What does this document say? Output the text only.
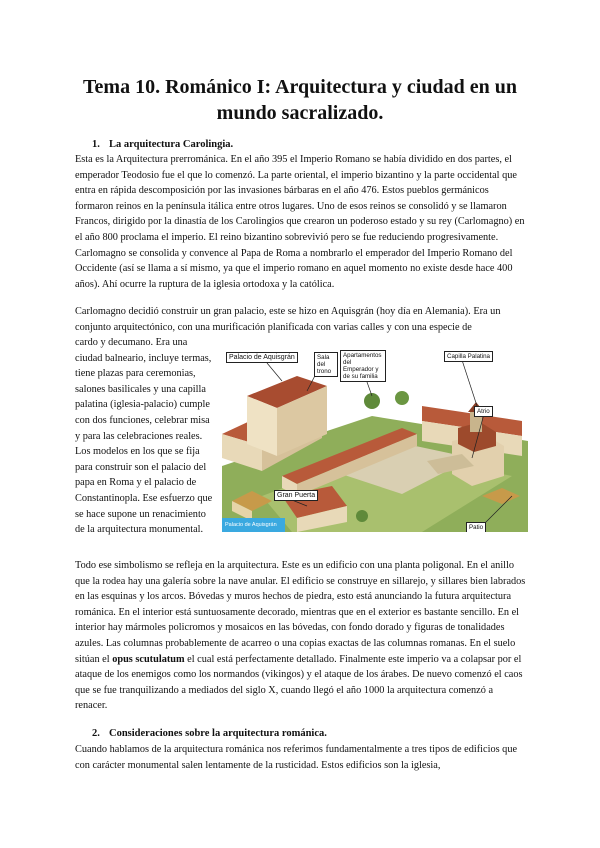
Tema 10. Románico I: Arquitectura y ciudad en un
mundo sacralizado.

1. La arquitectura Carolingia.

Esta es la Arquitectura prerrománica. En el año 395 el Imperio Romano se había dividido en dos partes, el emperador Teodosio fue el que lo comenzó. La parte oriental, el imperio bizantino y la parte occidental que entra en rápida descomposición por las invasiones bárbaras en el año 476. Estos pueblos germánicos formaron reinos en la península itálica entre otros lugares. Uno de esos reinos se consolidó y se llamaron Francos, dirigido por la dinastía de los Carolingios que crearon un poderoso estado y su rey (Carlomagno) en el año 800 proclama el imperio. El reino bizantino sobrevivió pero se fue reduciendo progresivamente. Carlomagno se consolida y convence al Papa de Roma a nombrarlo el emperador del Imperio Romano del Occidente (así se llama a sí mismo, ya que el imperio romano en aquel momento no existe desde hace 400 años). Ahí ocurre la ruptura de la iglesia ortodoxa y la católica.

Carlomagno decidió construir un gran palacio, este se hizo en Aquisgrán (hoy día en Alemania). Era un conjunto arquitectónico, con una murificación planificada con varias calles y con una especie de

cardo y decumano. Era una ciudad balneario, incluye termas, tiene plazas para ceremonias, salones basilicales y una capilla palatina (iglesia-palacio) cumple con dos funciones, celebrar misa y para las celebraciones reales. Los modelos en los que se fija para construir son el palacio del papa en Roma y el palacio de Constantinopla. Ese esfuerzo que se hace supone un renacimiento de la arquitectura monumental.

Palacio de Aquisgrán	Sala del trono
Apartamentos del Emperador y de su familia
Capilla Palatina
Atrio
Gran Puerta
Patio
Palacio de Aquisgrán

Todo ese simbolismo se refleja en la arquitectura. Este es un edificio con una planta poligonal. En el anillo que la rodea hay una galería sobre la nave anular. El edificio se construye en sillarejo, y sillares bien labrados en las esquinas y los arcos. Bóvedas y muros hechos de piedra, esto está anunciando la futura arquitectura románica. En el interior está suntuosamente decorado, mientras que en el exterior es bastante sencillo. En el interior hay mármoles policromos y mosaicos en las bóvedas, con fondo dorado y figuras de tonalidades azules. Las columnas probablemente de acarreo o una copias exactas de las columnas romanas. En el suelo sitúan el opus scutulatum el cual está perfectamente detallado. Finalmente este imperio va a colapsar por el ataque de los enemigos como los normandos (vikingos) y el ataque de los árabes. De nuevo comenzó el caos que se fue tranquilizando a mediados del siglo X, cuando llegó el año 1000 la arquitectura comenzó a renacer.

2. Consideraciones sobre la arquitectura románica.

Cuando hablamos de la arquitectura románica nos referimos fundamentalmente a tres tipos de edificios que con carácter monumental salen lentamente de la rusticidad. Estos edificios son la iglesia,
